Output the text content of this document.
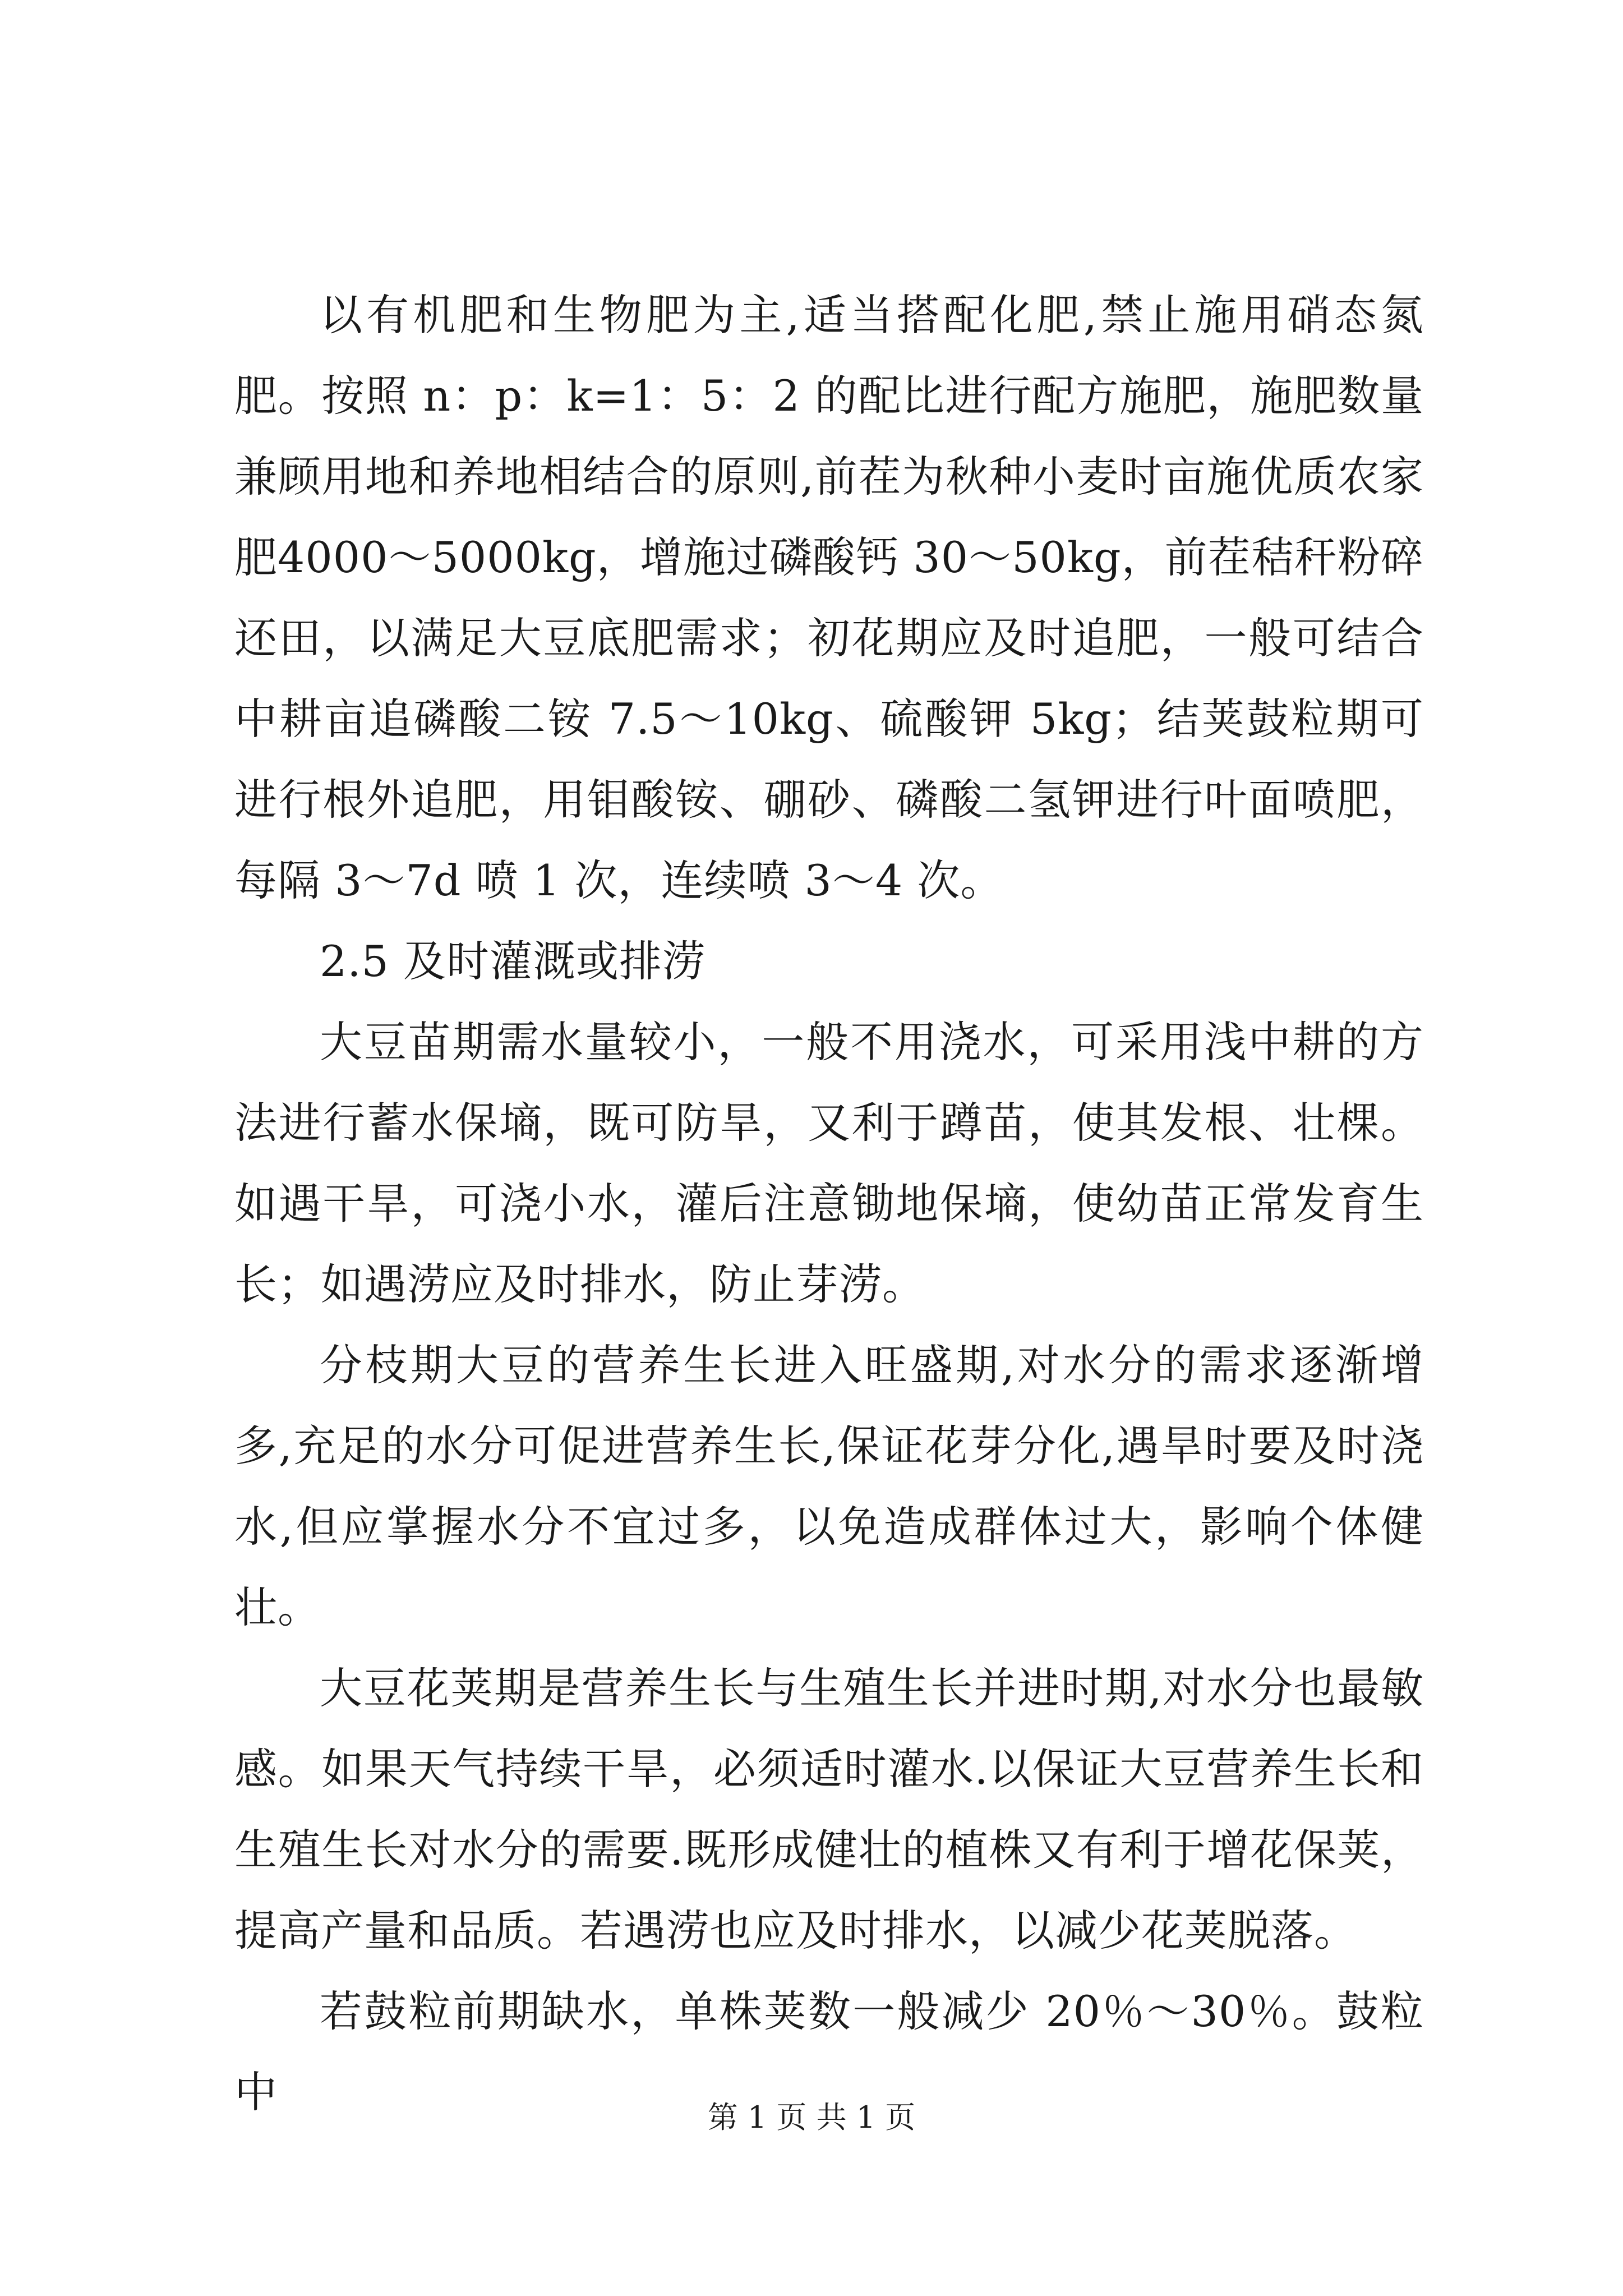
以有机肥和生物肥为主,适当搭配化肥,禁止施用硝态氮肥。按照 n：p：k=1：5：2 的配比进行配方施肥，施肥数量兼顾用地和养地相结合的原则,前茬为秋种小麦时亩施优质农家肥4000～5000kg，增施过磷酸钙 30～50kg，前茬秸秆粉碎还田，以满足大豆底肥需求；初花期应及时追肥，一般可结合中耕亩追磷酸二铵 7.5～10kg、硫酸钾 5kg；结荚鼓粒期可进行根外追肥，用钼酸铵、硼砂、磷酸二氢钾进行叶面喷肥，每隔 3～7d 喷 1 次，连续喷 3～4 次。

2.5 及时灌溉或排涝

大豆苗期需水量较小，一般不用浇水，可采用浅中耕的方法进行蓄水保墒，既可防旱，又利于蹲苗，使其发根、壮棵。如遇干旱，可浇小水，灌后注意锄地保墒，使幼苗正常发育生长；如遇涝应及时排水，防止芽涝。

分枝期大豆的营养生长进入旺盛期,对水分的需求逐渐增多,充足的水分可促进营养生长,保证花芽分化,遇旱时要及时浇水,但应掌握水分不宜过多，以免造成群体过大，影响个体健壮。

大豆花荚期是营养生长与生殖生长并进时期,对水分也最敏感。如果天气持续干旱，必须适时灌水.以保证大豆营养生长和生殖生长对水分的需要.既形成健壮的植株又有利于增花保荚，提高产量和品质。若遇涝也应及时排水，以减少花荚脱落。

若鼓粒前期缺水，单株荚数一般减少 20％～30％。鼓粒中

第 1 页 共 1 页
